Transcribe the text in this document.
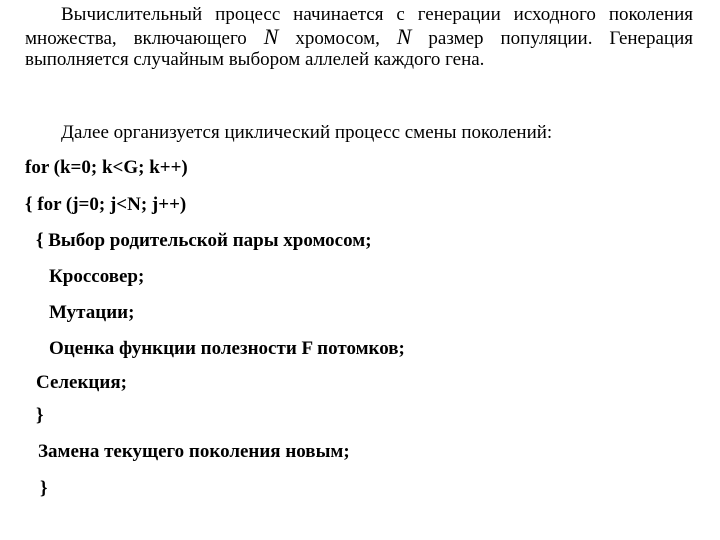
Вычислительный процесс начинается с генерации исходного поколения множества, включающего N хромосом, N размер популяции. Генерация выполняется случайным выбором аллелей каждого гена.
Далее организуется циклический процесс смены поколений:
for (k=0; k<G; k++)
{ for (j=0; j<N; j++)
{ Выбор родительской пары хромосом;
Кроссовер;
Мутации;
Оценка функции полезности F потомков;
Селекция;
}
Замена текущего поколения новым;
}
